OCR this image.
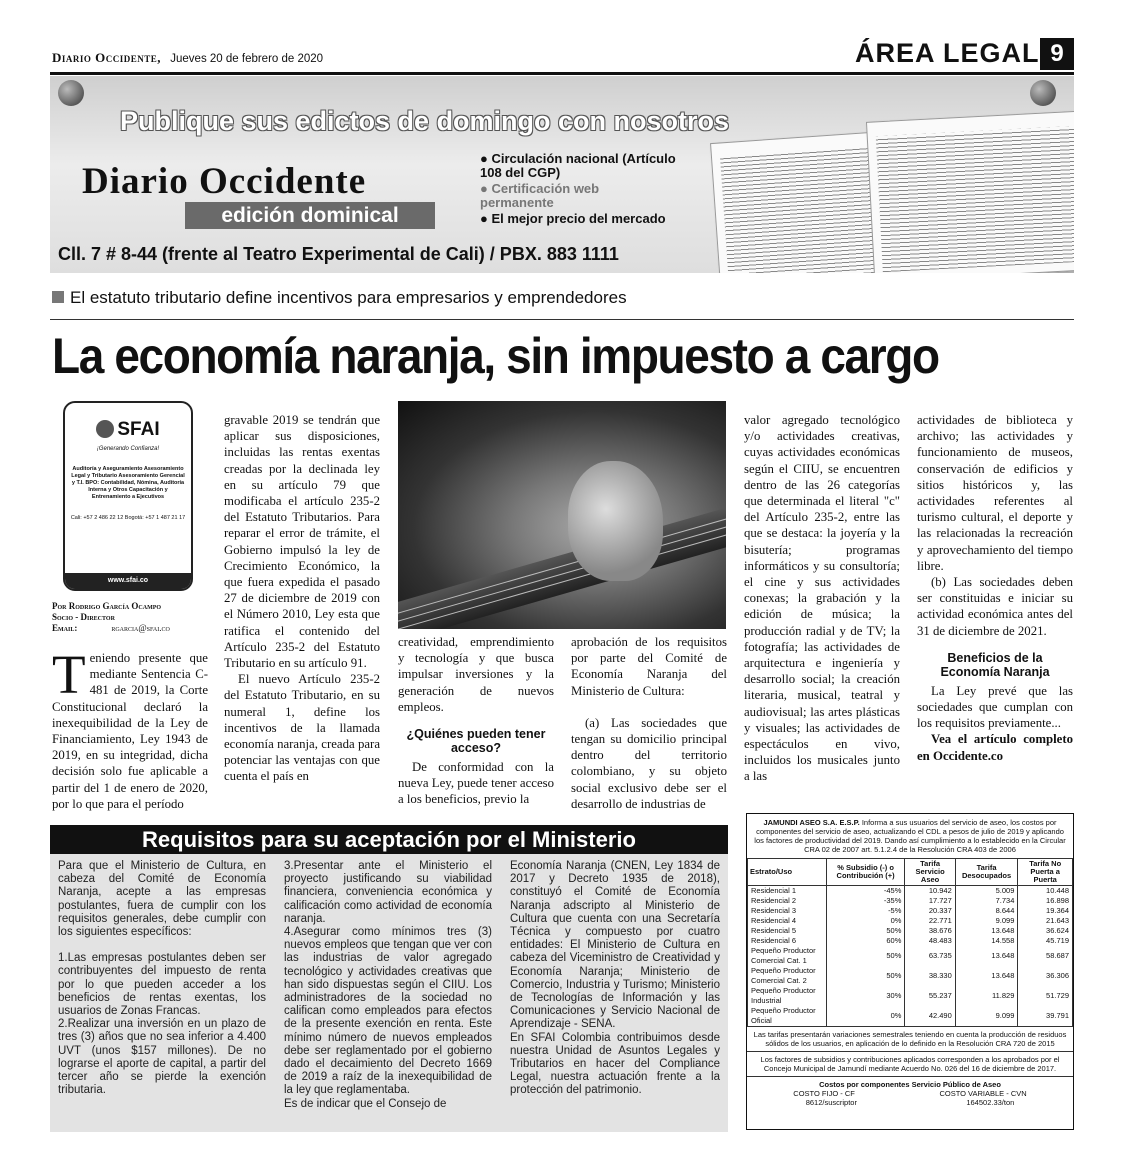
Diario Occidente, Jueves 20 de febrero de 2020	ÁREA LEGAL 9
Publique sus edictos de domingo con nosotros
Diario Occidente
edición dominical
● Circulación nacional (Artículo 108 del CGP)
● Certificación web permanente
● El mejor precio del mercado
Cll. 7 # 8-44 (frente al Teatro Experimental de Cali) / PBX. 883 1111
El estatuto tributario define incentivos para empresarios y emprendedores
La economía naranja, sin impuesto a cargo
SFAI
¡Generando Confianza!
Auditoría y Aseguramiento Asesoramiento Legal y Tributario Asesoramiento Gerencial y T.I. BPO: Contabilidad, Nómina, Auditoría Interna y Otros Capacitación y Entrenamiento a Ejecutivos
Cali: +57 2 486 22 12 Bogotá: +57 1 487 21 17
www.sfai.co
Por Rodrigo García Ocampo
Socio - Director
Email:	rgarcia@sfai.co

Teniendo presente que mediante Sentencia C-481 de 2019, la Corte Constitucional declaró la inexequibilidad de la Ley de Financiamiento, Ley 1943 de 2019, en su integridad, dicha decisión solo fue aplicable a partir del 1 de enero de 2020, por lo que para el período

gravable 2019 se tendrán que aplicar sus disposiciones, incluidas las rentas exentas creadas por la declinada ley en su artículo 79 que modificaba el artículo 235-2 del Estatuto Tributarios. Para reparar el error de trámite, el Gobierno impulsó la ley de Crecimiento Económico, la que fuera expedida el pasado 27 de diciembre de 2019 con el Número 2010, Ley esta que ratifica el contenido del Artículo 235-2 del Estatuto Tributario en su artículo 91.

El nuevo Artículo 235-2 del Estatuto Tributario, en su numeral 1, define los incentivos de la llamada economía naranja, creada para potenciar las ventajas con que cuenta el país en

creatividad, emprendimiento y tecnología y que busca impulsar inversiones y la generación de nuevos empleos.

¿Quiénes pueden tener acceso?

De conformidad con la nueva Ley, puede tener acceso a los beneficios, previo la

aprobación de los requisitos por parte del Comité de Economía Naranja del Ministerio de Cultura:

(a) Las sociedades que tengan su domicilio principal dentro del territorio colombiano, y su objeto social exclusivo debe ser el desarrollo de industrias de

valor agregado tecnológico y/o actividades creativas, cuyas actividades económicas según el CIIU, se encuentren dentro de las 26 categorías que determinada el literal "c" del Artículo 235-2, entre las que se destaca: la joyería y la bisutería; programas informáticos y su consultoría; el cine y sus actividades conexas; la grabación y la edición de música; la producción radial y de TV; la fotografía; las actividades de arquitectura e ingeniería y desarrollo social; la creación literaria, musical, teatral y audiovisual; las artes plásticas y visuales; las actividades de espectáculos en vivo, incluidos los musicales junto a las

actividades de biblioteca y archivo; las actividades y funcionamiento de museos, conservación de edificios y sitios históricos y, las actividades referentes al turismo cultural, el deporte y las relacionadas la recreación y aprovechamiento del tiempo libre.

(b) Las sociedades deben ser constituidas e iniciar su actividad económica antes del 31 de diciembre de 2021.

Beneficios de la Economía Naranja

La Ley prevé que las sociedades que cumplan con los requisitos previamente...

Vea el artículo completo en Occidente.co

Requisitos para su aceptación por el Ministerio

Para que el Ministerio de Cultura, en cabeza del Comité de Economía Naranja, acepte a las empresas postulantes, fuera de cumplir con los requisitos generales, debe cumplir con los siguientes específicos:

1.Las empresas postulantes deben ser contribuyentes del impuesto de renta por lo que pueden acceder a los beneficios de rentas exentas, los usuarios de Zonas Francas.

2.Realizar una inversión en un plazo de tres (3) años que no sea inferior a 4.400 UVT (unos $157 millones). De no lograrse el aporte de capital, a partir del tercer año se pierde la exención tributaria.

3.Presentar ante el Ministerio el proyecto justificando su viabilidad financiera, conveniencia económica y calificación como actividad de economía naranja.

4.Asegurar como mínimos tres (3) nuevos empleos que tengan que ver con las industrias de valor agregado tecnológico y actividades creativas que han sido dispuestas según el CIIU. Los administradores de la sociedad no califican como empleados para efectos de la presente exención en renta. Este mínimo número de nuevos empleados debe ser reglamentado por el gobierno dado el decaimiento del Decreto 1669 de 2019 a raíz de la inexequibilidad de la ley que reglamentaba.

Es de indicar que el Consejo de

Economía Naranja (CNEN, Ley 1834 de 2017 y Decreto 1935 de 2018), constituyó el Comité de Economía Naranja adscripto al Ministerio de Cultura que cuenta con una Secretaría Técnica y compuesto por cuatro entidades: El Ministerio de Cultura en cabeza del Viceministro de Creatividad y Economía Naranja; Ministerio de Comercio, Industria y Turismo; Ministerio de Tecnologías de Información y las Comunicaciones y Servicio Nacional de Aprendizaje - SENA.

En SFAI Colombia contribuimos desde nuestra Unidad de Asuntos Legales y Tributarios en hacer del Compliance Legal, nuestra actuación frente a la protección del patrimonio.

JAMUNDI ASEO S.A. E.S.P. Informa a sus usuarios del servicio de aseo, los costos por componentes del servicio de aseo, actualizando el CDL a pesos de julio de 2019 y aplicando los factores de productividad del 2019. Dando así cumplimiento a lo establecido en la Circular CRA 02 de 2007 art. 5.1.2.4 de la Resolución CRA 403 de 2006
Estrato/Uso	% Subsidio (-) o Contribución (+)	Tarifa Servicio Aseo	Tarifa Desocupados	Tarifa No Puerta a Puerta
Residencial 1	-45%	10.942	5.009	10.448
Residencial 2	-35%	17.727	7.734	16.898
Residencial 3	-5%	20.337	8.644	19.364
Residencial 4	0%	22.771	9.099	21.643
Residencial 5	50%	38.676	13.648	36.624
Residencial 6	60%	48.483	14.558	45.719
Pequeño Productor Comercial Cat. 1	50%	63.735	13.648	58.687
Pequeño Productor Comercial Cat. 2	50%	38.330	13.648	36.306
Pequeño Productor Industrial	30%	55.237	11.829	51.729
Pequeño Productor Oficial	0%	42.490	9.099	39.791
Las tarifas presentarán variaciones semestrales teniendo en cuenta la producción de residuos sólidos de los usuarios, en aplicación de lo definido en la Resolución CRA 720 de 2015
Los factores de subsidios y contribuciones aplicados corresponden a los aprobados por el Concejo Municipal de Jamundí mediante Acuerdo No. 026 del 16 de diciembre de 2017.
Costos por componentes Servicio Público de Aseo
COSTO FIJO - CF	COSTO VARIABLE - CVN
8612/suscriptor	164502.33/ton
